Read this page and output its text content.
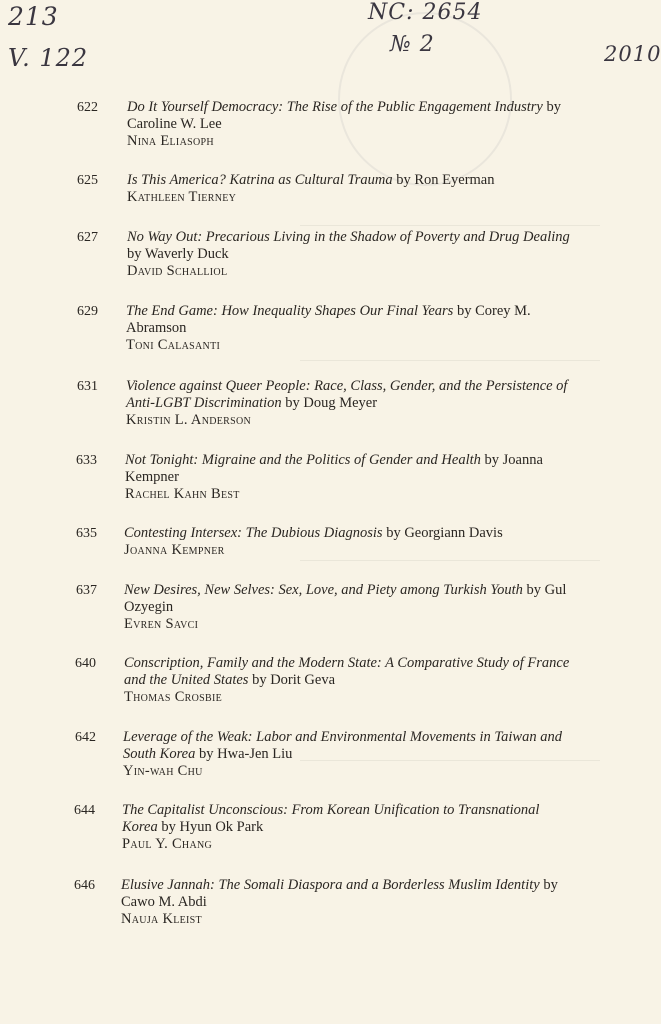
213
V. 122
NC: 2654
№ 2	2010
622	Do It Yourself Democracy: The Rise of the Public Engagement Industry by Caroline W. Lee
Nina Eliasoph
625	Is This America? Katrina as Cultural Trauma by Ron Eyerman
Kathleen Tierney
627	No Way Out: Precarious Living in the Shadow of Poverty and Drug Dealing by Waverly Duck
David Schalliol
629	The End Game: How Inequality Shapes Our Final Years by Corey M. Abramson
Toni Calasanti
631	Violence against Queer People: Race, Class, Gender, and the Persistence of Anti-LGBT Discrimination by Doug Meyer
Kristin L. Anderson
633	Not Tonight: Migraine and the Politics of Gender and Health by Joanna Kempner
Rachel Kahn Best
635	Contesting Intersex: The Dubious Diagnosis by Georgiann Davis
Joanna Kempner
637	New Desires, New Selves: Sex, Love, and Piety among Turkish Youth by Gul Ozyegin
Evren Savci
640	Conscription, Family and the Modern State: A Comparative Study of France and the United States by Dorit Geva
Thomas Crosbie
642	Leverage of the Weak: Labor and Environmental Movements in Taiwan and South Korea by Hwa-Jen Liu
Yin-wah Chu
644	The Capitalist Unconscious: From Korean Unification to Transnational Korea by Hyun Ok Park
Paul Y. Chang
646	Elusive Jannah: The Somali Diaspora and a Borderless Muslim Identity by Cawo M. Abdi
Nauja Kleist
